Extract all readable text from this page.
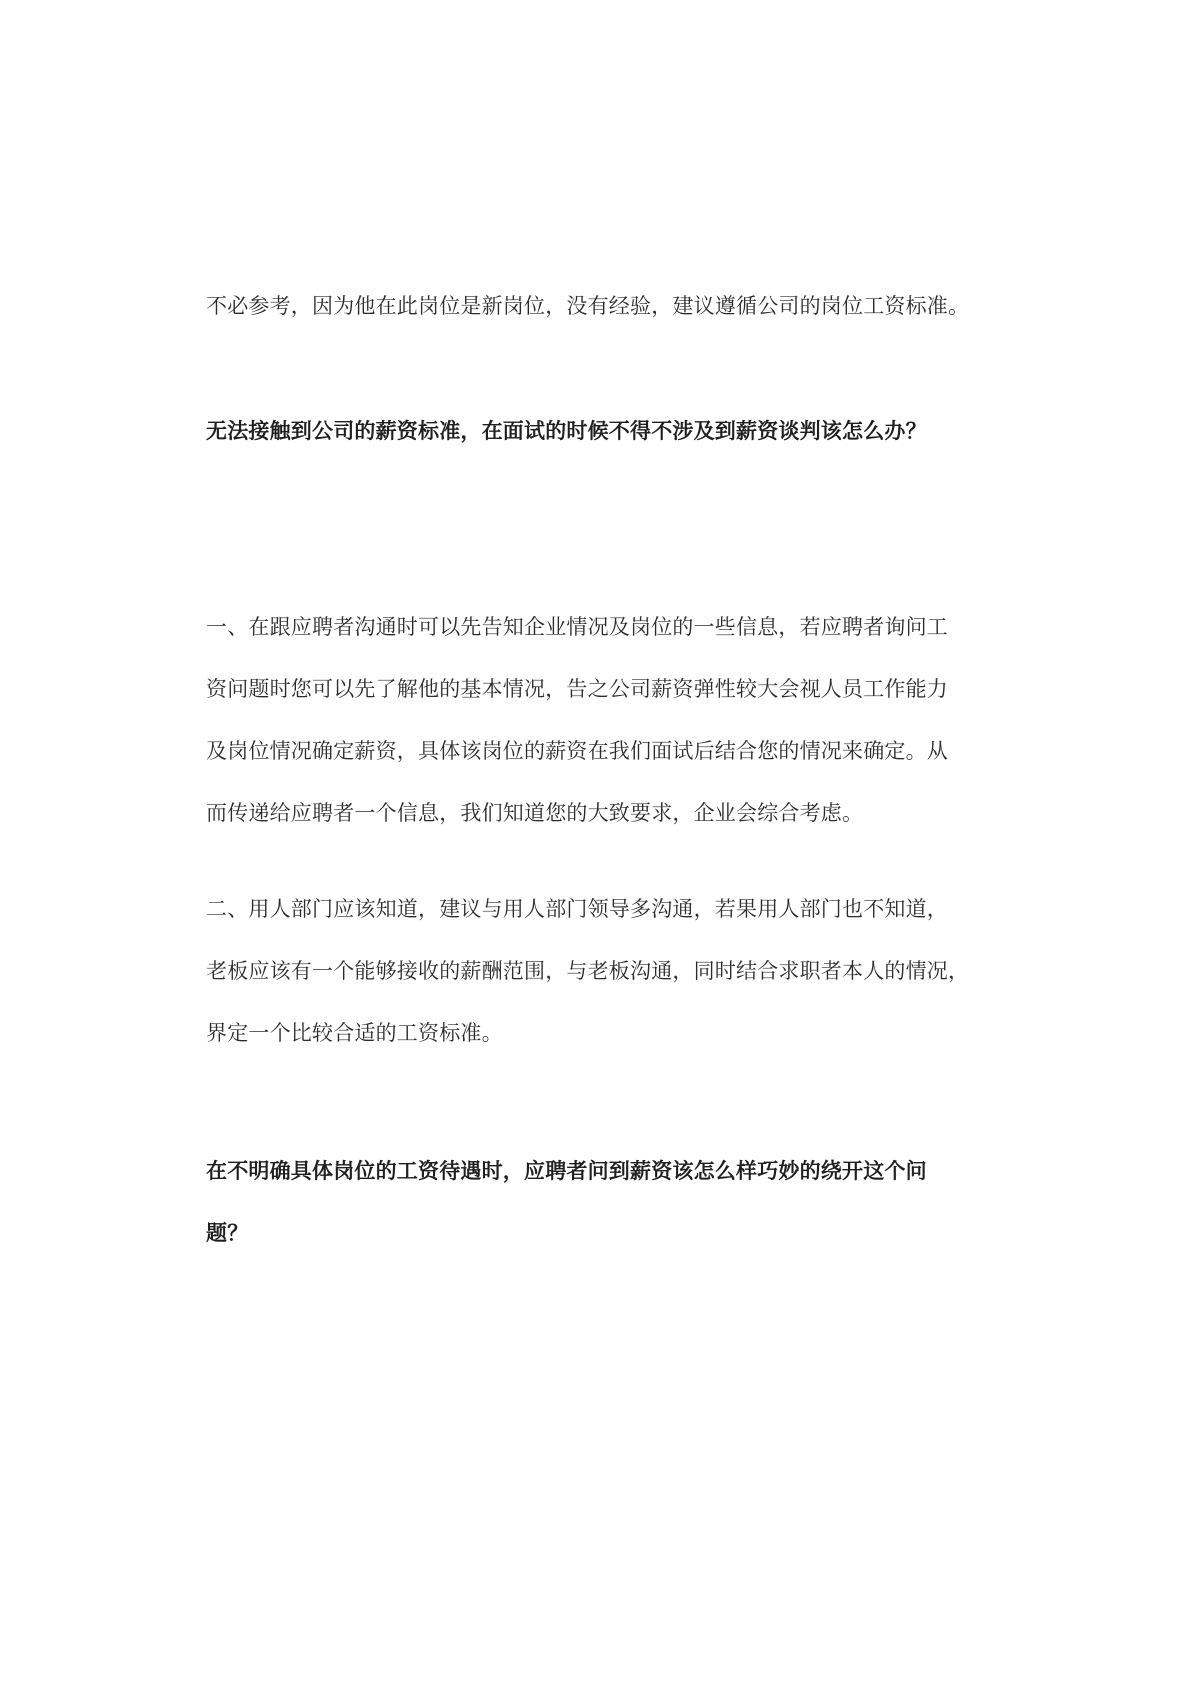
不必参考，因为他在此岗位是新岗位，没有经验，建议遵循公司的岗位工资标准。

无法接触到公司的薪资标准，在面试的时候不得不涉及到薪资谈判该怎么办？

一、在跟应聘者沟通时可以先告知企业情况及岗位的一些信息，若应聘者询问工
资问题时您可以先了解他的基本情况，告之公司薪资弹性较大会视人员工作能力
及岗位情况确定薪资，具体该岗位的薪资在我们面试后结合您的情况来确定。从
而传递给应聘者一个信息，我们知道您的大致要求，企业会综合考虑。

二、用人部门应该知道，建议与用人部门领导多沟通，若果用人部门也不知道，
老板应该有一个能够接收的薪酬范围，与老板沟通，同时结合求职者本人的情况，
界定一个比较合适的工资标准。

在不明确具体岗位的工资待遇时，应聘者问到薪资该怎么样巧妙的绕开这个问
题？
